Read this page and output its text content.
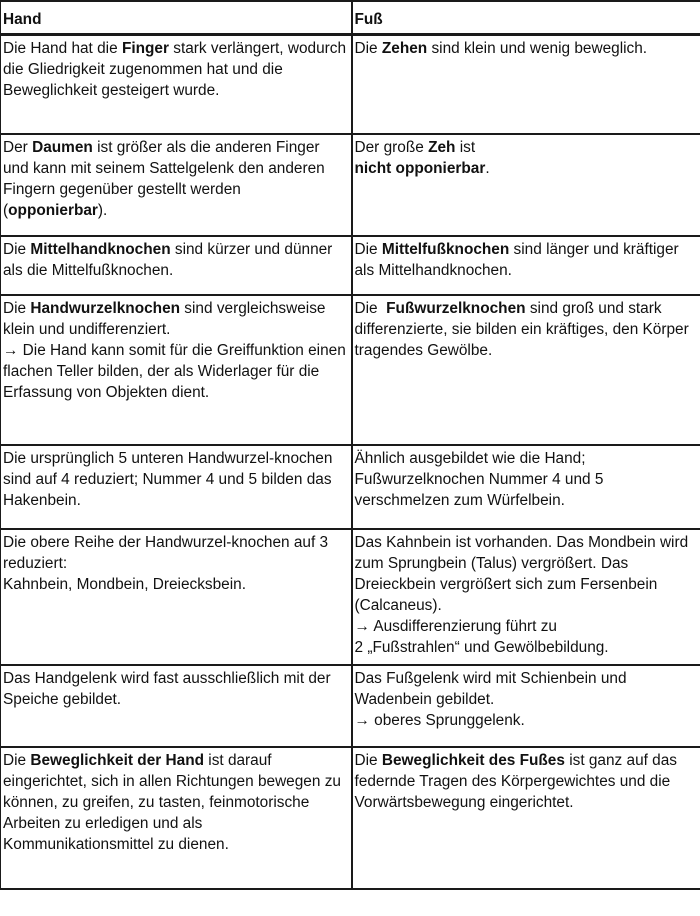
Hand	Fuß
Die Hand hat die Finger stark verlängert, wodurch die Gliedrigkeit zugenommen hat und die Beweglichkeit gesteigert wurde.	Die Zehen sind klein und wenig beweglich.
Der Daumen ist größer als die anderen Finger und kann mit seinem Sattelgelenk den anderen Fingern gegenüber gestellt werden (opponierbar).	Der große Zeh ist
nicht opponierbar.
Die Mittelhandknochen sind kürzer und dünner als die Mittelfußknochen.	Die Mittelfußknochen sind länger und kräftiger als Mittelhandknochen.
Die Handwurzelknochen sind vergleichsweise klein und undifferenziert.
→ Die Hand kann somit für die Greiffunktion einen flachen Teller bilden, der als Widerlager für die Erfassung von Objekten dient.	Die  Fußwurzelknochen sind groß und stark differenzierte, sie bilden ein kräftiges, den Körper tragendes Gewölbe.
Die ursprünglich 5 unteren Handwurzel-knochen sind auf 4 reduziert; Nummer 4 und 5 bilden das Hakenbein.	Ähnlich ausgebildet wie die Hand; Fußwurzelknochen Nummer 4 und 5 verschmelzen zum Würfelbein.
Die obere Reihe der Handwurzel-knochen auf 3 reduziert:
Kahnbein, Mondbein, Dreiecksbein.	Das Kahnbein ist vorhanden. Das Mondbein wird zum Sprungbein (Talus) vergrößert. Das Dreieckbein vergrößert sich zum Fersenbein (Calcaneus).
→ Ausdifferenzierung führt zu
2 „Fußstrahlen“ und Gewölbebildung.
Das Handgelenk wird fast ausschließlich mit der Speiche gebildet.	Das Fußgelenk wird mit Schienbein und Wadenbein gebildet.
→ oberes Sprunggelenk.
Die Beweglichkeit der Hand ist darauf eingerichtet, sich in allen Richtungen bewegen zu können, zu greifen, zu tasten, feinmotorische Arbeiten zu erledigen und als Kommunikationsmittel zu dienen.	Die Beweglichkeit des Fußes ist ganz auf das federnde Tragen des Körpergewichtes und die Vorwärtsbewegung eingerichtet.
